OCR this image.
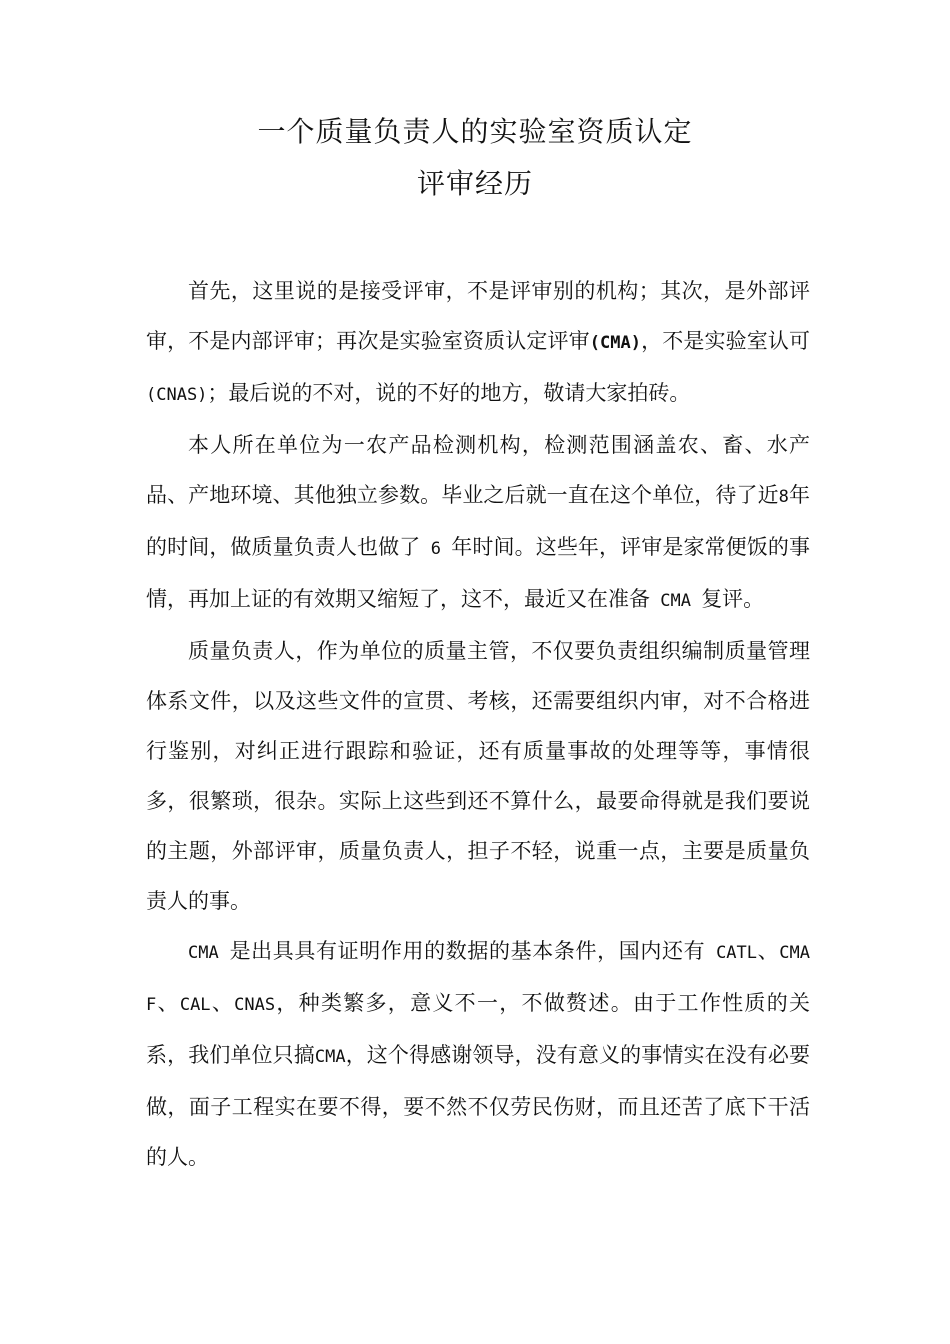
一个质量负责人的实验室资质认定
评审经历

首先，这里说的是接受评审，不是评审别的机构；其次，是外部评审，不是内部评审；再次是实验室资质认定评审(CMA)，不是实验室认可(CNAS)；最后说的不对，说的不好的地方，敬请大家拍砖。

本人所在单位为一农产品检测机构，检测范围涵盖农、畜、水产品、产地环境、其他独立参数。毕业之后就一直在这个单位，待了近8年的时间，做质量负责人也做了 6 年时间。这些年，评审是家常便饭的事情，再加上证的有效期又缩短了，这不，最近又在准备 CMA 复评。

质量负责人，作为单位的质量主管，不仅要负责组织编制质量管理体系文件，以及这些文件的宣贯、考核，还需要组织内审，对不合格进行鉴别，对纠正进行跟踪和验证，还有质量事故的处理等等，事情很多，很繁琐，很杂。实际上这些到还不算什么，最要命得就是我们要说的主题，外部评审，质量负责人，担子不轻，说重一点，主要是质量负责人的事。

CMA 是出具具有证明作用的数据的基本条件，国内还有 CATL、CMAF、CAL、CNAS，种类繁多，意义不一，不做赘述。由于工作性质的关系，我们单位只搞CMA，这个得感谢领导，没有意义的事情实在没有必要做，面子工程实在要不得，要不然不仅劳民伤财，而且还苦了底下干活的人。
